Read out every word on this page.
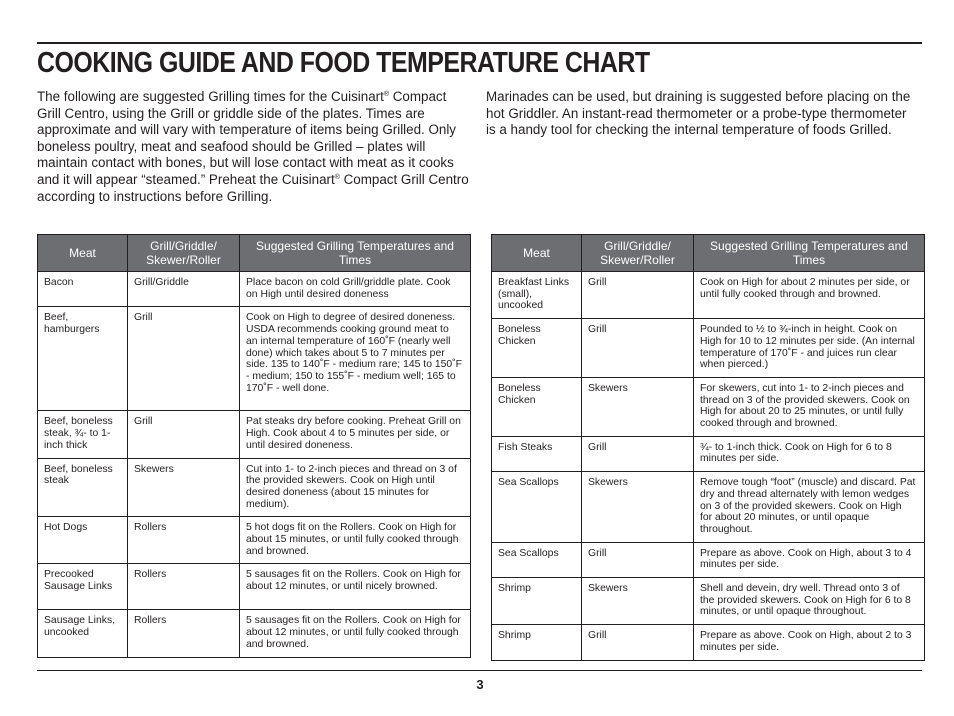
COOKING GUIDE AND FOOD TEMPERATURE CHART
The following are suggested Grilling times for the Cuisinart® Compact Grill Centro, using the Grill or griddle side of the plates. Times are approximate and will vary with temperature of items being Grilled. Only boneless poultry, meat and seafood should be Grilled – plates will maintain contact with bones, but will lose contact with meat as it cooks and it will appear “steamed.” Preheat the Cuisinart® Compact Grill Centro according to instructions before Grilling.
Marinades can be used, but draining is suggested before placing on the hot Griddler. An instant-read thermometer or a probe-type thermometer is a handy tool for checking the internal temperature of foods Grilled.
Meat	Grill/Griddle/ Skewer/Roller	Suggested Grilling Temperatures and Times
Bacon	Grill/Griddle	Place bacon on cold Grill/griddle plate. Cook on High until desired doneness
Beef, hamburgers	Grill	Cook on High to degree of desired doneness. USDA recommends cooking ground meat to an internal temperature of 160˚F (nearly well done) which takes about 5 to 7 minutes per side. 135 to 140˚F - medium rare; 145 to 150˚F - medium; 150 to 155˚F - medium well; 165 to 170˚F - well done.
Beef, boneless steak, ¾- to 1-inch thick	Grill	Pat steaks dry before cooking. Preheat Grill on High. Cook about 4 to 5 minutes per side, or until desired doneness.
Beef, boneless steak	Skewers	Cut into 1- to 2-inch pieces and thread on 3 of the provided skewers. Cook on High until desired doneness (about 15 minutes for medium).
Hot Dogs	Rollers	5 hot dogs fit on the Rollers. Cook on High for about 15 minutes, or until fully cooked through and browned.
Precooked Sausage Links	Rollers	5 sausages fit on the Rollers. Cook on High for about 12 minutes, or until nicely browned.
Sausage Links, uncooked	Rollers	5 sausages fit on the Rollers. Cook on High for about 12 minutes, or until fully cooked through and browned.
Meat	Grill/Griddle/ Skewer/Roller	Suggested Grilling Temperatures and Times
Breakfast Links (small), uncooked	Grill	Cook on High for about 2 minutes per side, or until fully cooked through and browned.
Boneless Chicken	Grill	Pounded to ½ to ¾-inch in height. Cook on High for 10 to 12 minutes per side. (An internal temperature of 170˚F - and juices run clear when pierced.)
Boneless Chicken	Skewers	For skewers, cut into 1- to 2-inch pieces and thread on 3 of the provided skewers. Cook on High for about 20 to 25 minutes, or until fully cooked through and browned.
Fish Steaks	Grill	¾- to 1-inch thick. Cook on High for 6 to 8 minutes per side.
Sea Scallops	Skewers	Remove tough “foot” (muscle) and discard. Pat dry and thread alternately with lemon wedges on 3 of the provided skewers. Cook on High for about 20 minutes, or until opaque throughout.
Sea Scallops	Grill	Prepare as above. Cook on High, about 3 to 4 minutes per side.
Shrimp	Skewers	Shell and devein, dry well. Thread onto 3 of the provided skewers. Cook on High for 6 to 8 minutes, or until opaque throughout.
Shrimp	Grill	Prepare as above. Cook on High, about 2 to 3 minutes per side.
3
